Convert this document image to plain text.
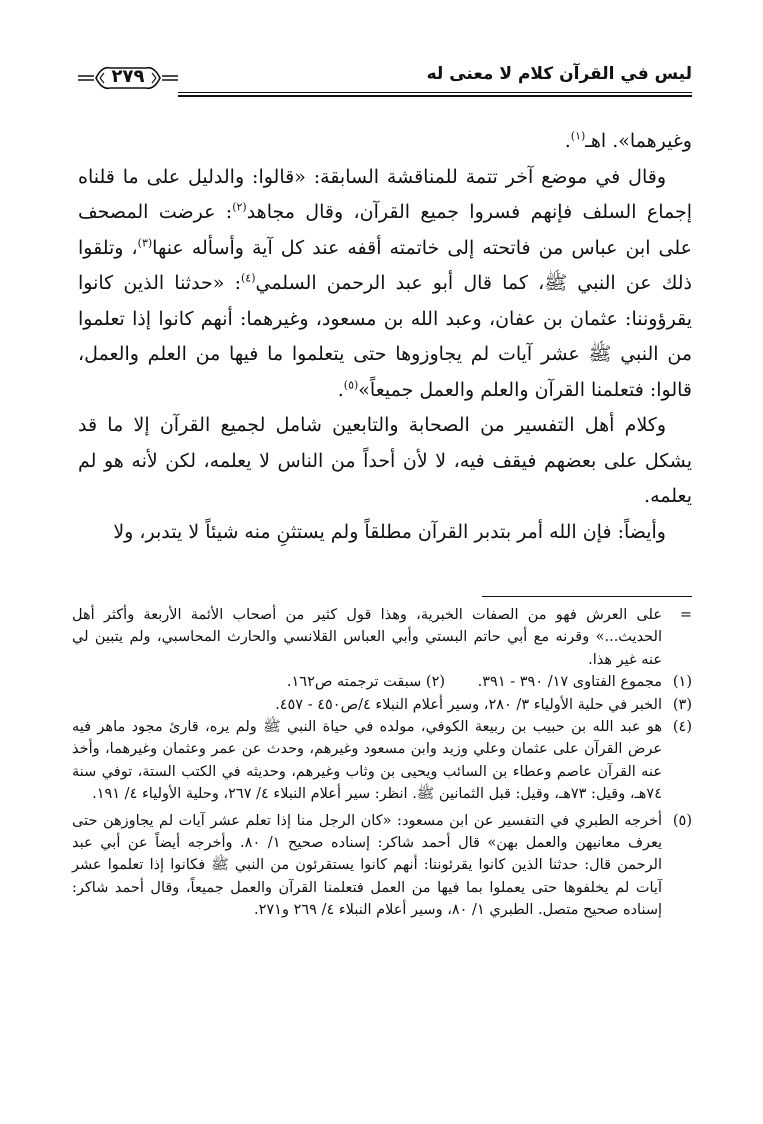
٢٧٩	ليس في القرآن كلام لا معنى له

وغيرهما». اهـ$^{(١)}$.

وقال في موضع آخر تتمة للمناقشة السابقة: «قالوا: والدليل على ما قلناه إجماع السلف فإنهم فسروا جميع القرآن، وقال مجاهد$^{(٢)}$: عرضت المصحف على ابن عباس من فاتحته إلى خاتمته أقفه عند كل آية وأسأله عنها$^{(٣)}$، وتلقوا ذلك عن النبي ﷺ، كما قال أبو عبد الرحمن السلمي$^{(٤)}$: «حدثنا الذين كانوا يقرؤوننا: عثمان بن عفان، وعبد الله بن مسعود، وغيرهما: أنهم كانوا إذا تعلموا من النبي ﷺ عشر آيات لم يجاوزوها حتى يتعلموا ما فيها من العلم والعمل، قالوا: فتعلمنا القرآن والعلم والعمل جميعاً»$^{(٥)}$.

وكلام أهل التفسير من الصحابة والتابعين شامل لجميع القرآن إلا ما قد يشكل على بعضهم فيقف فيه، لا لأن أحداً من الناس لا يعلمه، لكن لأنه هو لم يعلمه.

وأيضاً: فإن الله أمر بتدبر القرآن مطلقاً ولم يستثنِ منه شيئاً لا يتدبر، ولا

=
على العرش فهو من الصفات الخبرية، وهذا قول كثير من أصحاب الأئمة الأربعة وأكثر أهل الحديث...» وقرنه مع أبي حاتم البستي وأبي العباس القلانسي والحارث المحاسبي، ولم يتبين لي عنه غير هذا.
(١)
مجموع الفتاوى ١٧/ ٣٩٠ - ٣٩١. (٢) سبقت ترجمته ص١٦٢.
(٣)
الخبر في حلية الأولياء ٣/ ٢٨٠، وسير أعلام النبلاء ٤/ص٤٥٠ - ٤٥٧.
(٤)
هو عبد الله بن حبيب بن ربيعة الكوفي، مولده في حياة النبي ﷺ ولم يره، قارئ مجود ماهر فيه عرض القرآن على عثمان وعلي وزيد وابن مسعود وغيرهم، وحدث عن عمر وعثمان وغيرهما، وأخذ عنه القرآن عاصم وعطاء بن السائب ويحيى بن وثاب وغيرهم، وحديثه في الكتب الستة، توفي سنة ٧٤هـ، وقيل: ٧٣هـ، وقيل: قبل الثمانين ﷺ. انظر: سير أعلام النبلاء ٤/ ٢٦٧، وحلية الأولياء ٤/ ١٩١.
(٥)
أخرجه الطبري في التفسير عن ابن مسعود: «كان الرجل منا إذا تعلم عشر آيات لم يجاوزهن حتى يعرف معانيهن والعمل بهن» قال أحمد شاكر: إسناده صحيح ١/ ٨٠. وأخرجه أيضاً عن أبي عبد الرحمن قال: حدثنا الذين كانوا يقرئوننا: أنهم كانوا يستقرئون من النبي ﷺ فكانوا إذا تعلموا عشر آيات لم يخلفوها حتى يعملوا بما فيها من العمل فتعلمنا القرآن والعمل جميعاً، وقال أحمد شاكر: إسناده صحيح متصل. الطبري ١/ ٨٠، وسير أعلام النبلاء ٤/ ٢٦٩ و٢٧١.
